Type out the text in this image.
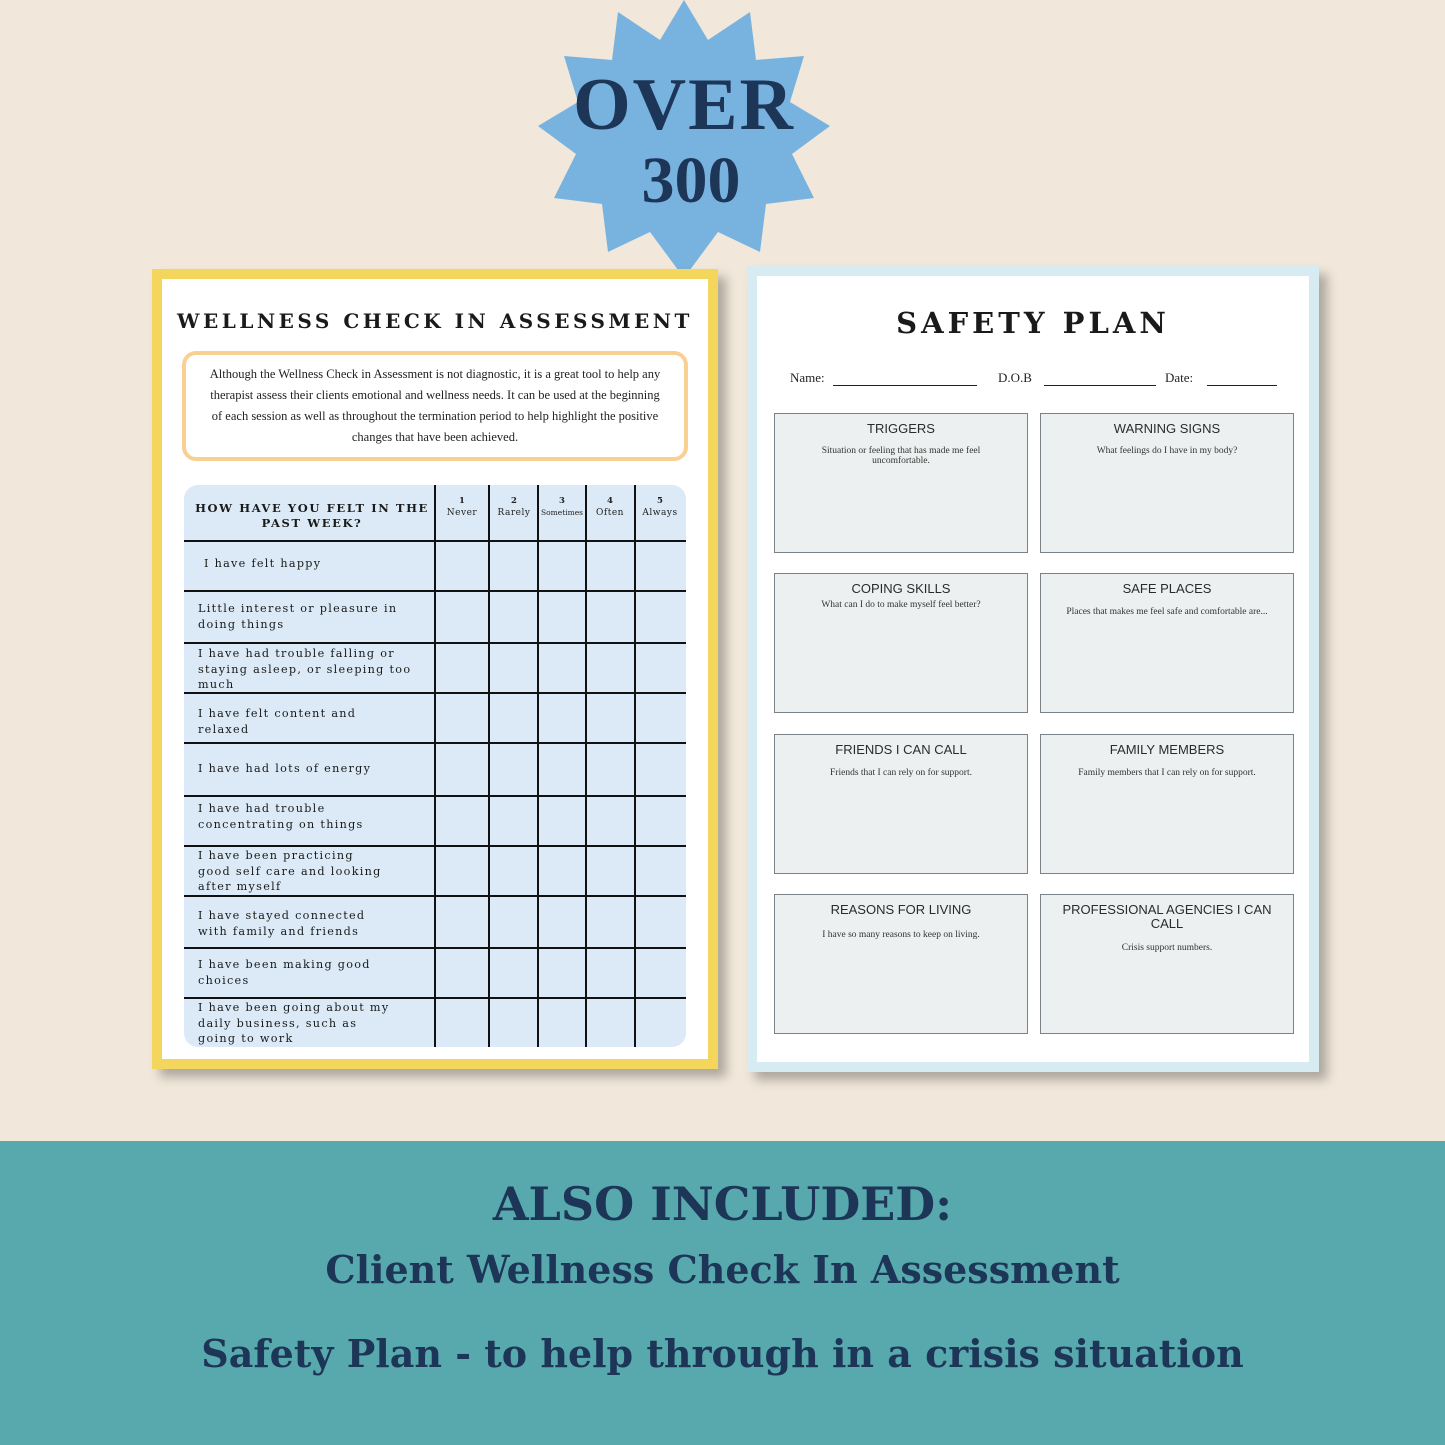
OVER
300
WELLNESS CHECK IN ASSESSMENT

Although the Wellness Check in Assessment is not diagnostic, it is a great tool to help any therapist assess their clients emotional and wellness needs. It can be used at the beginning of each session as well as throughout the termination period to help highlight the positive changes that have been achieved.

HOW HAVE YOU FELT IN THE PAST WEEK?
1
Never
2
Rarely
3
Sometimes
4
Often
5
Always
I have felt happy
Little interest or pleasure in doing things
I have had trouble falling or staying asleep, or sleeping too much
I have felt content and relaxed
I have had lots of energy
I have had trouble concentrating on things
I have been practicing good self care and looking after myself
I have stayed connected with family and friends
I have been making good choices
I have been going about my daily business, such as going to work
SAFETY PLAN
Name:	D.O.B	Date:
TRIGGERS
Situation or feeling that has made me feel uncomfortable.
WARNING SIGNS
What feelings do I have in my body?
COPING SKILLS
What can I do to make myself feel better?
SAFE PLACES
Places that makes me feel safe and comfortable are...
FRIENDS I CAN CALL
Friends that I can rely on for support.
FAMILY MEMBERS
Family members that I can rely on for support.
REASONS FOR LIVING
I have so many reasons to keep on living.
PROFESSIONAL AGENCIES I CAN CALL
Crisis support numbers.
ALSO INCLUDED:
Client Wellness Check In Assessment
Safety Plan - to help through in a crisis situation
